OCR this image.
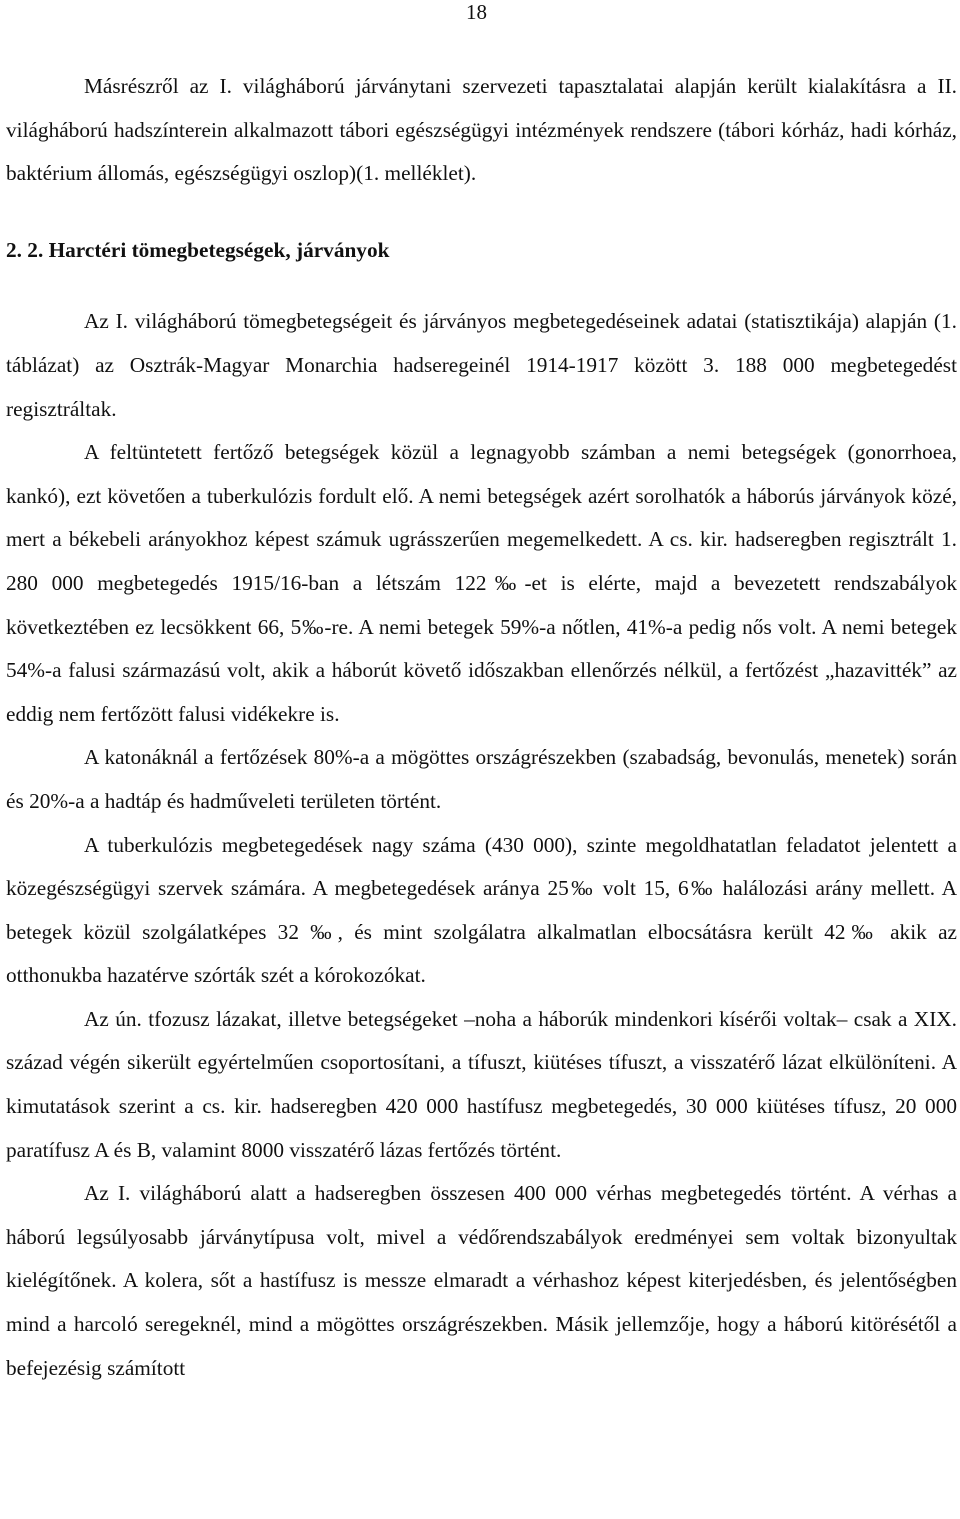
18

Másrészről az I. világháború járványtani szervezeti tapasztalatai alapján került kialakításra a II. világháború hadszínterein alkalmazott tábori egészségügyi intézmények rendszere (tábori kórház, hadi kórház, baktérium állomás, egészségügyi oszlop)(1. melléklet).

2. 2. Harctéri tömegbetegségek, járványok

Az I. világháború tömegbetegségeit és járványos megbetegedéseinek adatai (statisztikája) alapján (1. táblázat) az Osztrák-Magyar Monarchia hadseregeinél 1914-1917 között 3. 188 000 megbetegedést regisztráltak.

A feltüntetett fertőző betegségek közül a legnagyobb számban a nemi betegségek (gonorrhoea, kankó), ezt követően a tuberkulózis fordult elő. A nemi betegségek azért sorolhatók a háborús járványok közé, mert a békebeli arányokhoz képest számuk ugrásszerűen megemelkedett. A cs. kir. hadseregben regisztrált 1. 280 000 megbetegedés 1915/16-ban a létszám 122‰-et is elérte, majd a bevezetett rendszabályok következtében ez lecsökkent 66, 5‰-re. A nemi betegek 59%-a nőtlen, 41%-a pedig nős volt. A nemi betegek 54%-a falusi származású volt, akik a háborút követő időszakban ellenőrzés nélkül, a fertőzést „hazavitték” az eddig nem fertőzött falusi vidékekre is.

A katonáknál a fertőzések 80%-a a mögöttes országrészekben (szabadság, bevonulás, menetek) során és 20%-a a hadtáp és hadműveleti területen történt.

A tuberkulózis megbetegedések nagy száma (430 000), szinte megoldhatatlan feladatot jelentett a közegészségügyi szervek számára. A megbetegedések aránya 25‰ volt 15, 6‰ halálozási arány mellett. A betegek közül szolgálatképes 32 ‰, és mint szolgálatra alkalmatlan elbocsátásra került 42‰ akik az otthonukba hazatérve szórták szét a kórokozókat.

Az ún. tfozusz lázakat, illetve betegségeket –noha a háborúk mindenkori kísérői voltak– csak a XIX. század végén sikerült egyértelműen csoportosítani, a tífuszt, kiütéses tífuszt, a visszatérő lázat elkülöníteni. A kimutatások szerint a cs. kir. hadseregben 420 000 hastífusz megbetegedés, 30 000 kiütéses tífusz, 20 000 paratífusz A és B, valamint 8000 visszatérő lázas fertőzés történt.

Az I. világháború alatt a hadseregben összesen 400 000 vérhas megbetegedés történt. A vérhas a háború legsúlyosabb járványtípusa volt, mivel a védőrendszabályok eredményei sem voltak bizonyultak kielégítőnek. A kolera, sőt a hastífusz is messze elmaradt a vérhashoz képest kiterjedésben, és jelentőségben mind a harcoló seregeknél, mind a mögöttes országrészekben. Másik jellemzője, hogy a háború kitörésétől a befejezésig számított
